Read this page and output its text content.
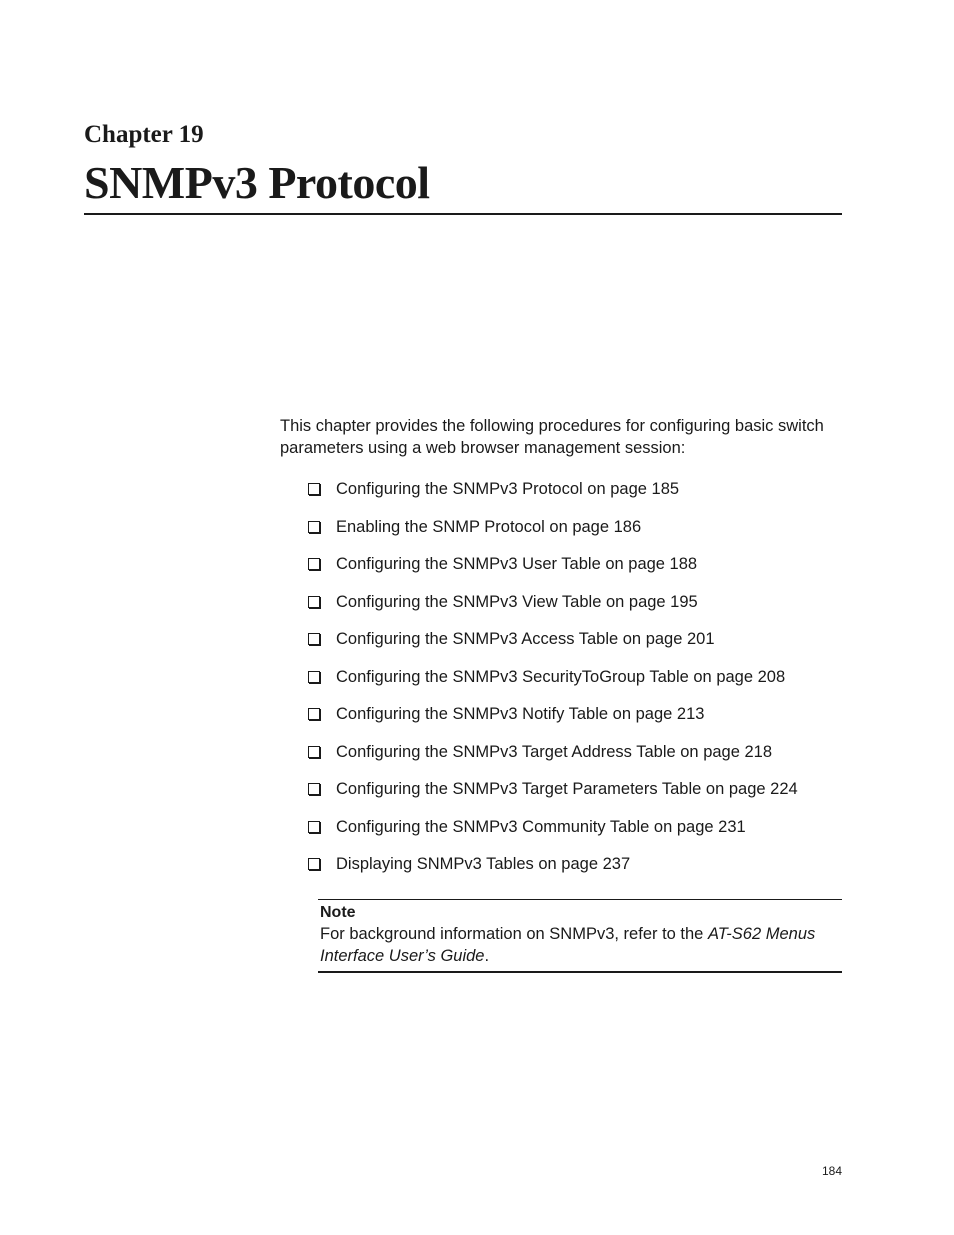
Chapter 19
SNMPv3 Protocol

This chapter provides the following procedures for configuring basic switch parameters using a web browser management session:

Configuring the SNMPv3 Protocol on page 185
Enabling the SNMP Protocol on page 186
Configuring the SNMPv3 User Table on page 188
Configuring the SNMPv3 View Table on page 195
Configuring the SNMPv3 Access Table on page 201
Configuring the SNMPv3 SecurityToGroup Table on page 208
Configuring the SNMPv3 Notify Table on page 213
Configuring the SNMPv3 Target Address Table on page 218
Configuring the SNMPv3 Target Parameters Table on page 224
Configuring the SNMPv3 Community Table on page 231
Displaying SNMPv3 Tables on page 237

Note

For background information on SNMPv3, refer to the AT-S62 Menus Interface User’s Guide.

184
